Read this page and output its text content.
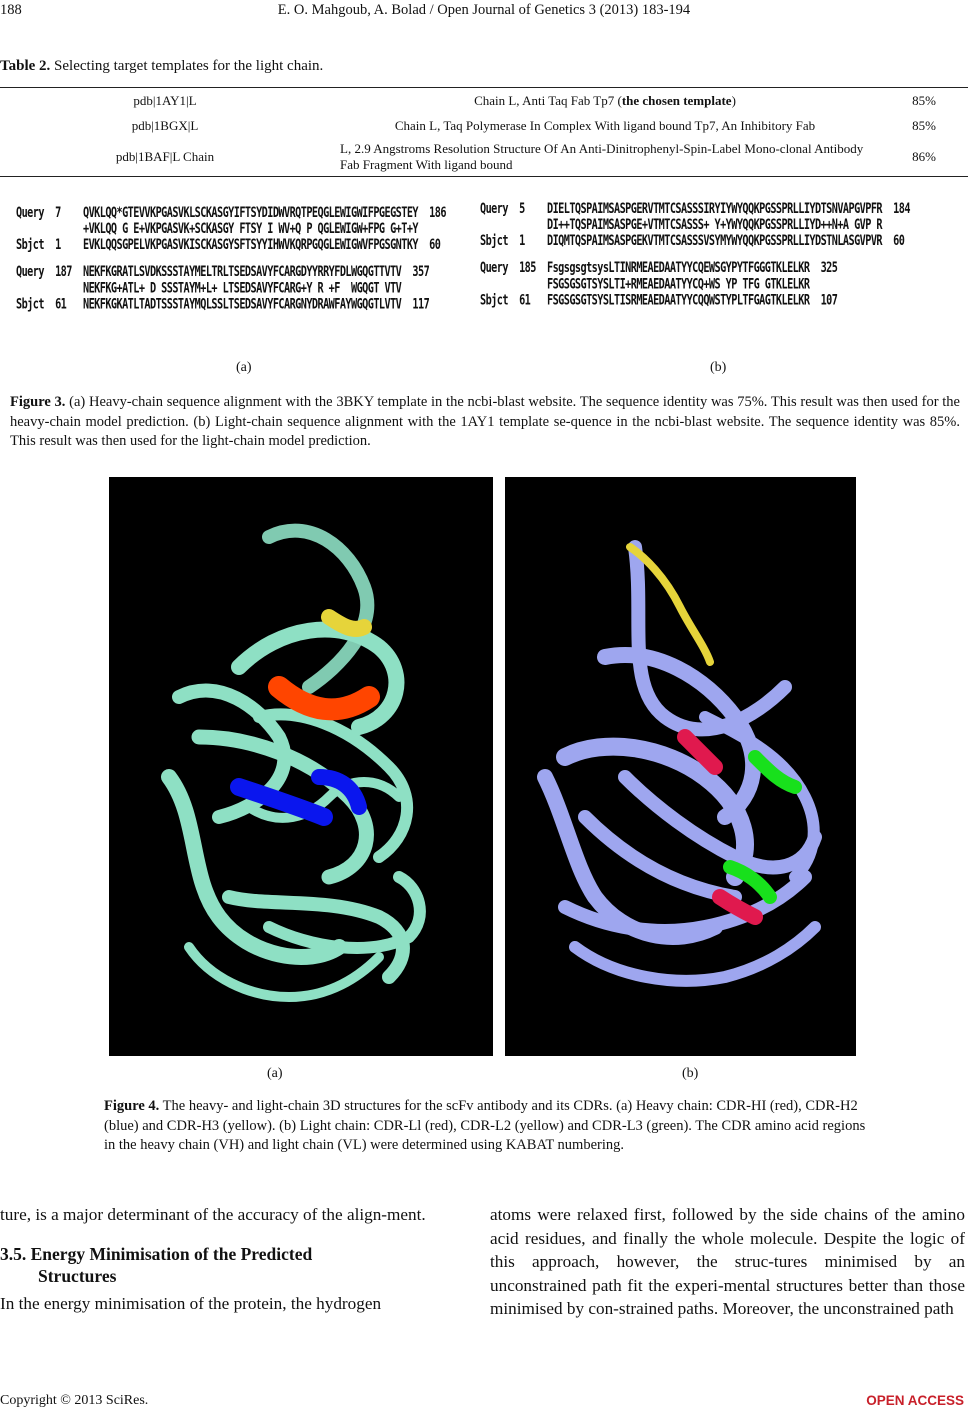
188	E. O. Mahgoub, A. Bolad / Open Journal of Genetics 3 (2013) 183-194
Table 2. Selecting target templates for the light chain.
pdb|1AY1|L	Chain L, Anti Taq Fab Tp7 (the chosen template)	85%
pdb|1BGX|L	Chain L, Taq Polymerase In Complex With ligand bound Tp7, An Inhibitory Fab	85%
pdb|1BAF|L Chain	L, 2.9 Angstroms Resolution Structure Of An Anti-Dinitrophenyl-Spin-Label Mono-clonal Antibody Fab Fragment With ligand bound	86%
Query  7    QVKLQQ*GTEVVKPGASVKLSCKASGYIFTSYDIDWVRQTPEQGLEWIGWIFPGEGSTEY  186
+VKLQQ G E+VKPGASVK+SCKASGY FTSY I WV+Q P QGLEWIGW+FPG G+T+Y
Sbjct  1    EVKLQQSGPELVKPGASVKISCKASGYSFTSYYIHWVKQRPGQGLEWIGWVFPGSGNTKY  60

Query  187  NEKFKGRATLSVDKSSSTAYMELTRLTSEDSAVYFCARGDYYRRYFDLWGQGTTVTV  357
NEKFKG+ATL+ D SSSTAYM+L+ LTSEDSAVYFCARG+Y R +F  WGQGT VTV
Sbjct  61   NEKFKGKATLTADTSSSTAYMQLSSLTSEDSAVYFCARGNYDRAWFAYWGQGTLVTV  117
Query  5    DIELTQSPAIMSASPGERVTMTCSASSSIRYIYWYQQKPGSSPRLLIYDTSNVAPGVPFR  184
DI++TQSPAIMSASPGE+VTMTCSASSS+ Y+YWYQQKPGSSPRLLIYD++N+A GVP R
Sbjct  1    DIQMTQSPAIMSASPGEKVTMTCSASSSVSYMYWYQQKPGSSPRLLIYDSTNLASGVPVR  60

Query  185  FsgsgsgtsysLTINRMEAEDAATYYCQEWSGYPYTFGGGTKLELKR  325
FSGSGSGTSYSLTI+RMEAEDAATYYCQ+WS YP TFG GTKLELKR
Sbjct  61   FSGSGSGTSYSLTISRMEAEDAATYYCQQWSTYPLTFGAGTKLELKR  107
(a)	(b)
Figure 3. (a) Heavy-chain sequence alignment with the 3BKY template in the ncbi-blast website. The sequence identity was 75%. This result was then used for the heavy-chain model prediction. (b) Light-chain sequence alignment with the 1AY1 template se-quence in the ncbi-blast website. The sequence identity was 85%. This result was then used for the light-chain model prediction.
(a)	(b)
Figure 4. The heavy- and light-chain 3D structures for the scFv antibody and its CDRs. (a) Heavy chain: CDR-HI (red), CDR-H2 (blue) and CDR-H3 (yellow). (b) Light chain: CDR-Ll (red), CDR-L2 (yellow) and CDR-L3 (green). The CDR amino acid regions in the heavy chain (VH) and light chain (VL) were determined using KABAT numbering.
ture, is a major determinant of the accuracy of the align-ment.
3.5. Energy Minimisation of the Predicted
Structures
In the energy minimisation of the protein, the hydrogen
atoms were relaxed first, followed by the side chains of the amino acid residues, and finally the whole molecule. Despite the logic of this approach, however, the struc-tures minimised by an unconstrained path fit the experi-mental structures better than those minimised by con-strained paths. Moreover, the unconstrained path
Copyright © 2013 SciRes.	OPEN ACCESS
